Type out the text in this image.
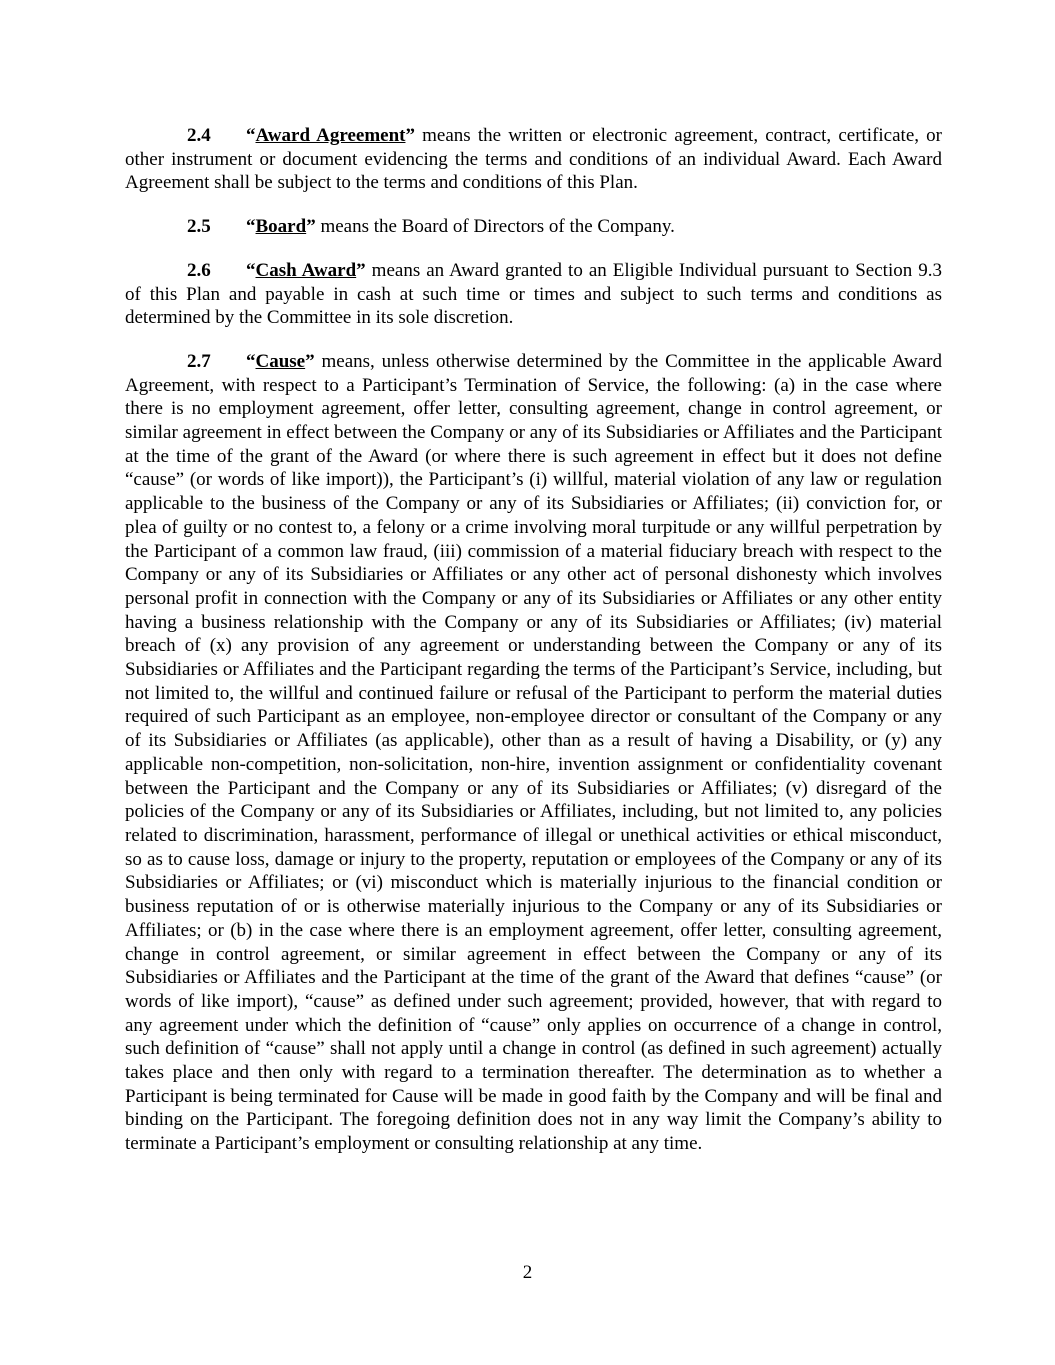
2.4 “Award Agreement” means the written or electronic agreement, contract, certificate, or other instrument or document evidencing the terms and conditions of an individual Award. Each Award Agreement shall be subject to the terms and conditions of this Plan.

2.5 “Board” means the Board of Directors of the Company.

2.6 “Cash Award” means an Award granted to an Eligible Individual pursuant to Section 9.3 of this Plan and payable in cash at such time or times and subject to such terms and conditions as determined by the Committee in its sole discretion.

2.7 “Cause” means, unless otherwise determined by the Committee in the applicable Award Agreement, with respect to a Participant’s Termination of Service, the following: (a) in the case where there is no employment agreement, offer letter, consulting agreement, change in control agreement, or similar agreement in effect between the Company or any of its Subsidiaries or Affiliates and the Participant at the time of the grant of the Award (or where there is such agreement in effect but it does not define “cause” (or words of like import)), the Participant’s (i) willful, material violation of any law or regulation applicable to the business of the Company or any of its Subsidiaries or Affiliates; (ii) conviction for, or plea of guilty or no contest to, a felony or a crime involving moral turpitude or any willful perpetration by the Participant of a common law fraud, (iii) commission of a material fiduciary breach with respect to the Company or any of its Subsidiaries or Affiliates or any other act of personal dishonesty which involves personal profit in connection with the Company or any of its Subsidiaries or Affiliates or any other entity having a business relationship with the Company or any of its Subsidiaries or Affiliates; (iv) material breach of (x) any provision of any agreement or understanding between the Company or any of its Subsidiaries or Affiliates and the Participant regarding the terms of the Participant’s Service, including, but not limited to, the willful and continued failure or refusal of the Participant to perform the material duties required of such Participant as an employee, non-employee director or consultant of the Company or any of its Subsidiaries or Affiliates (as applicable), other than as a result of having a Disability, or (y) any applicable non-competition, non-solicitation, non-hire, invention assignment or confidentiality covenant between the Participant and the Company or any of its Subsidiaries or Affiliates; (v) disregard of the policies of the Company or any of its Subsidiaries or Affiliates, including, but not limited to, any policies related to discrimination, harassment, performance of illegal or unethical activities or ethical misconduct, so as to cause loss, damage or injury to the property, reputation or employees of the Company or any of its Subsidiaries or Affiliates; or (vi) misconduct which is materially injurious to the financial condition or business reputation of or is otherwise materially injurious to the Company or any of its Subsidiaries or Affiliates; or (b) in the case where there is an employment agreement, offer letter, consulting agreement, change in control agreement, or similar agreement in effect between the Company or any of its Subsidiaries or Affiliates and the Participant at the time of the grant of the Award that defines “cause” (or words of like import), “cause” as defined under such agreement; provided, however, that with regard to any agreement under which the definition of “cause” only applies on occurrence of a change in control, such definition of “cause” shall not apply until a change in control (as defined in such agreement) actually takes place and then only with regard to a termination thereafter. The determination as to whether a Participant is being terminated for Cause will be made in good faith by the Company and will be final and binding on the Participant. The foregoing definition does not in any way limit the Company’s ability to terminate a Participant’s employment or consulting relationship at any time.

2
